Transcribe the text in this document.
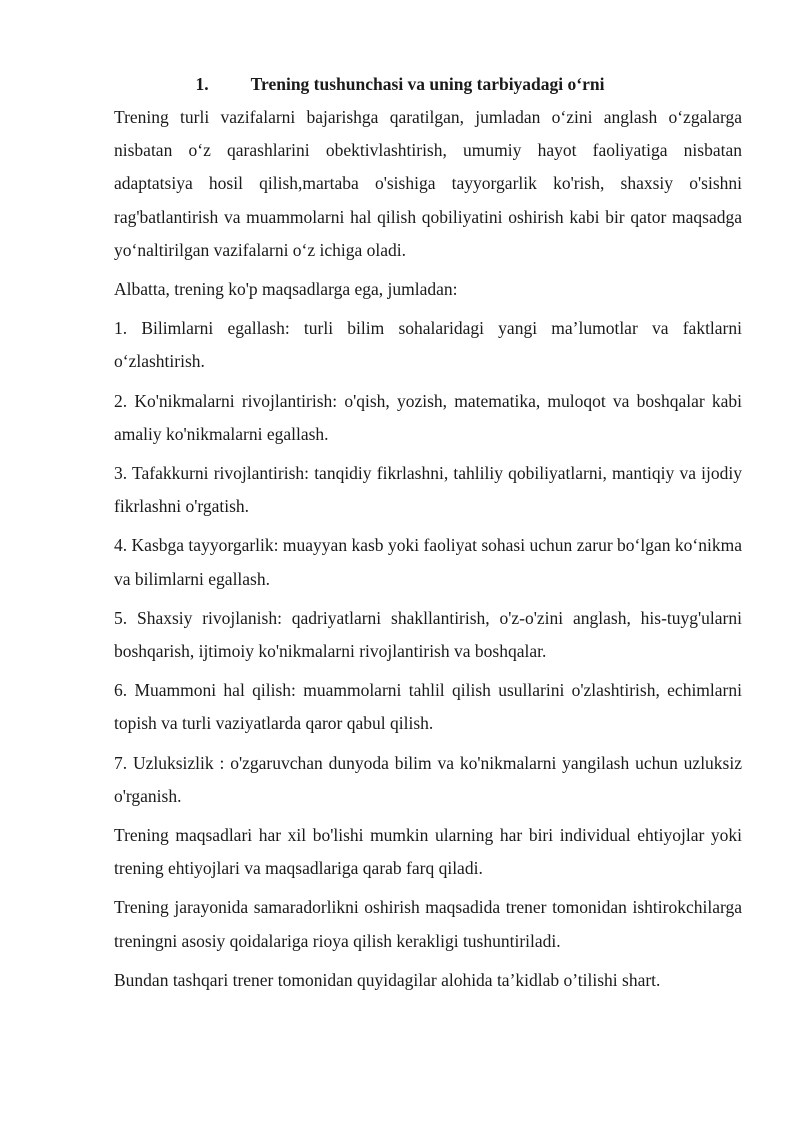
1. Trening tushunchasi va uning tarbiyadagi o‘rni

Trening turli vazifalarni bajarishga qaratilgan, jumladan o‘zini anglash o‘zgalarga nisbatan o‘z qarashlarini obektivlashtirish, umumiy hayot faoliyatiga nisbatan adaptatsiya hosil qilish,martaba o'sishiga tayyorgarlik ko'rish, shaxsiy o'sishni rag'batlantirish va muammolarni hal qilish qobiliyatini oshirish kabi bir qator maqsadga yo‘naltirilgan vazifalarni o‘z ichiga oladi.

Albatta, trening ko'p maqsadlarga ega, jumladan:

1. Bilimlarni egallash: turli bilim sohalaridagi yangi ma’lumotlar va faktlarni o‘zlashtirish.

2. Ko'nikmalarni rivojlantirish: o'qish, yozish, matematika, muloqot va boshqalar kabi amaliy ko'nikmalarni egallash.

3. Tafakkurni rivojlantirish: tanqidiy fikrlashni, tahliliy qobiliyatlarni, mantiqiy va ijodiy fikrlashni o'rgatish.

4. Kasbga tayyorgarlik: muayyan kasb yoki faoliyat sohasi uchun zarur bo‘lgan ko‘nikma va bilimlarni egallash.

5. Shaxsiy rivojlanish: qadriyatlarni shakllantirish, o'z-o'zini anglash, his-tuyg'ularni boshqarish, ijtimoiy ko'nikmalarni rivojlantirish va boshqalar.

6. Muammoni hal qilish: muammolarni tahlil qilish usullarini o'zlashtirish, echimlarni topish va turli vaziyatlarda qaror qabul qilish.

7. Uzluksizlik : o'zgaruvchan dunyoda bilim va ko'nikmalarni yangilash uchun uzluksiz o'rganish.

Trening maqsadlari har xil bo'lishi mumkin ularning har biri individual ehtiyojlar yoki trening ehtiyojlari va maqsadlariga qarab farq qiladi.

Trening jarayonida samaradorlikni oshirish maqsadida trener tomonidan ishtirokchilarga treningni asosiy qoidalariga rioya qilish kerakligi tushuntiriladi.

Bundan tashqari trener tomonidan quyidagilar alohida ta’kidlab o’tilishi shart.
